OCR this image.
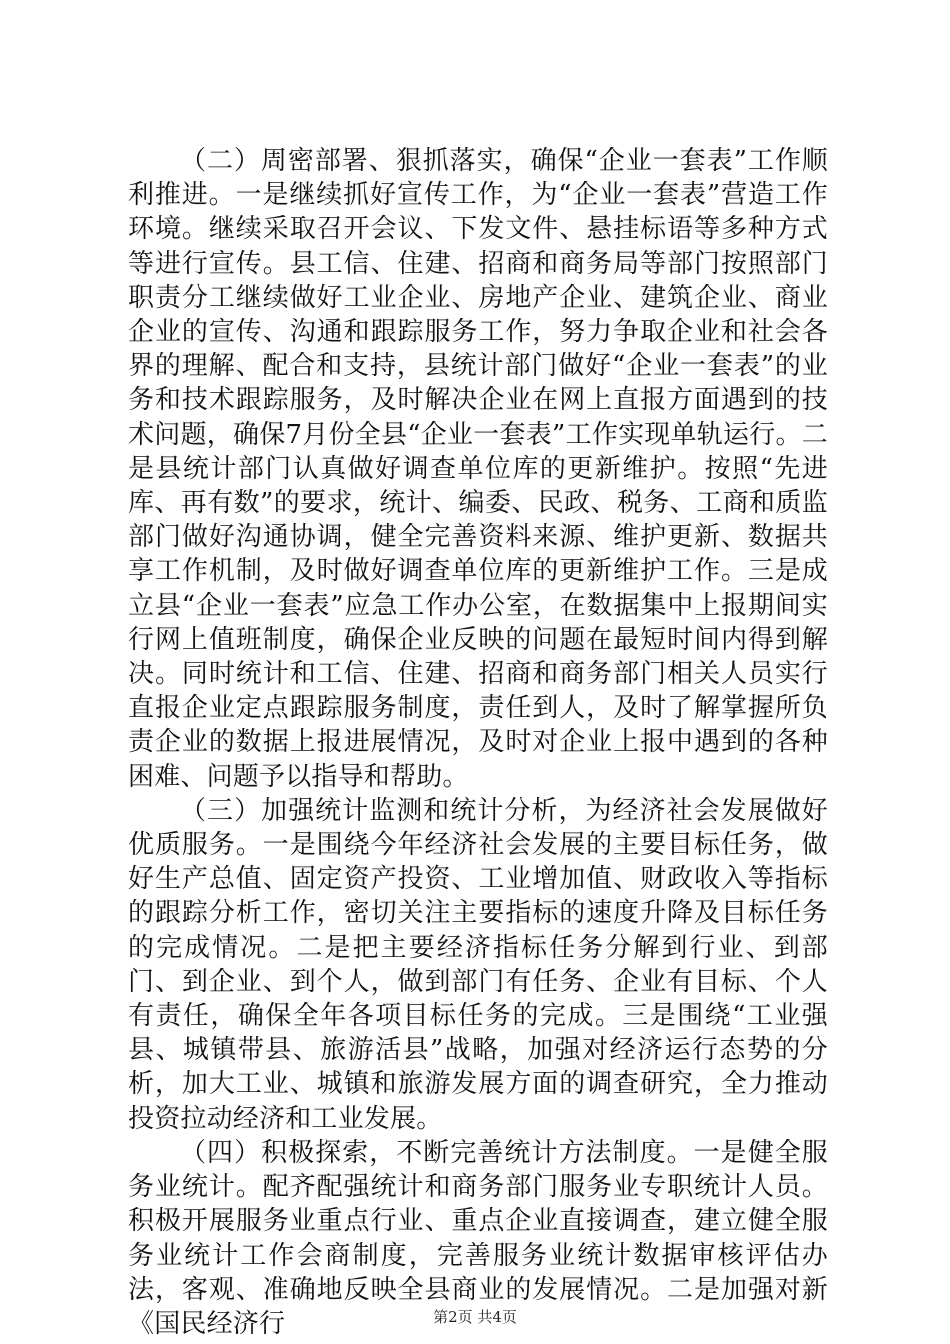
（二）周密部署、狠抓落实，确保“企业一套表”工作顺利推进。一是继续抓好宣传工作，为“企业一套表”营造工作环境。继续采取召开会议、下发文件、悬挂标语等多种方式等进行宣传。县工信、住建、招商和商务局等部门按照部门职责分工继续做好工业企业、房地产企业、建筑企业、商业企业的宣传、沟通和跟踪服务工作，努力争取企业和社会各界的理解、配合和支持，县统计部门做好“企业一套表”的业务和技术跟踪服务，及时解决企业在网上直报方面遇到的技术问题，确保7月份全县“企业一套表”工作实现单轨运行。二是县统计部门认真做好调查单位库的更新维护。按照“先进库、再有数”的要求，统计、编委、民政、税务、工商和质监部门做好沟通协调，健全完善资料来源、维护更新、数据共享工作机制，及时做好调查单位库的更新维护工作。三是成立县“企业一套表”应急工作办公室，在数据集中上报期间实行网上值班制度，确保企业反映的问题在最短时间内得到解决。同时统计和工信、住建、招商和商务部门相关人员实行直报企业定点跟踪服务制度，责任到人，及时了解掌握所负责企业的数据上报进展情况，及时对企业上报中遇到的各种困难、问题予以指导和帮助。

（三）加强统计监测和统计分析，为经济社会发展做好优质服务。一是围绕今年经济社会发展的主要目标任务，做好生产总值、固定资产投资、工业增加值、财政收入等指标的跟踪分析工作，密切关注主要指标的速度升降及目标任务的完成情况。二是把主要经济指标任务分解到行业、到部门、到企业、到个人，做到部门有任务、企业有目标、个人有责任，确保全年各项目标任务的完成。三是围绕“工业强县、城镇带县、旅游活县”战略，加强对经济运行态势的分析，加大工业、城镇和旅游发展方面的调查研究，全力推动投资拉动经济和工业发展。

（四）积极探索，不断完善统计方法制度。一是健全服务业统计。配齐配强统计和商务部门服务业专职统计人员。积极开展服务业重点行业、重点企业直接调查，建立健全服务业统计工作会商制度，完善服务业统计数据审核评估办法，客观、准确地反映全县商业的发展情况。二是加强对新《国民经济行	第2页 共4页
